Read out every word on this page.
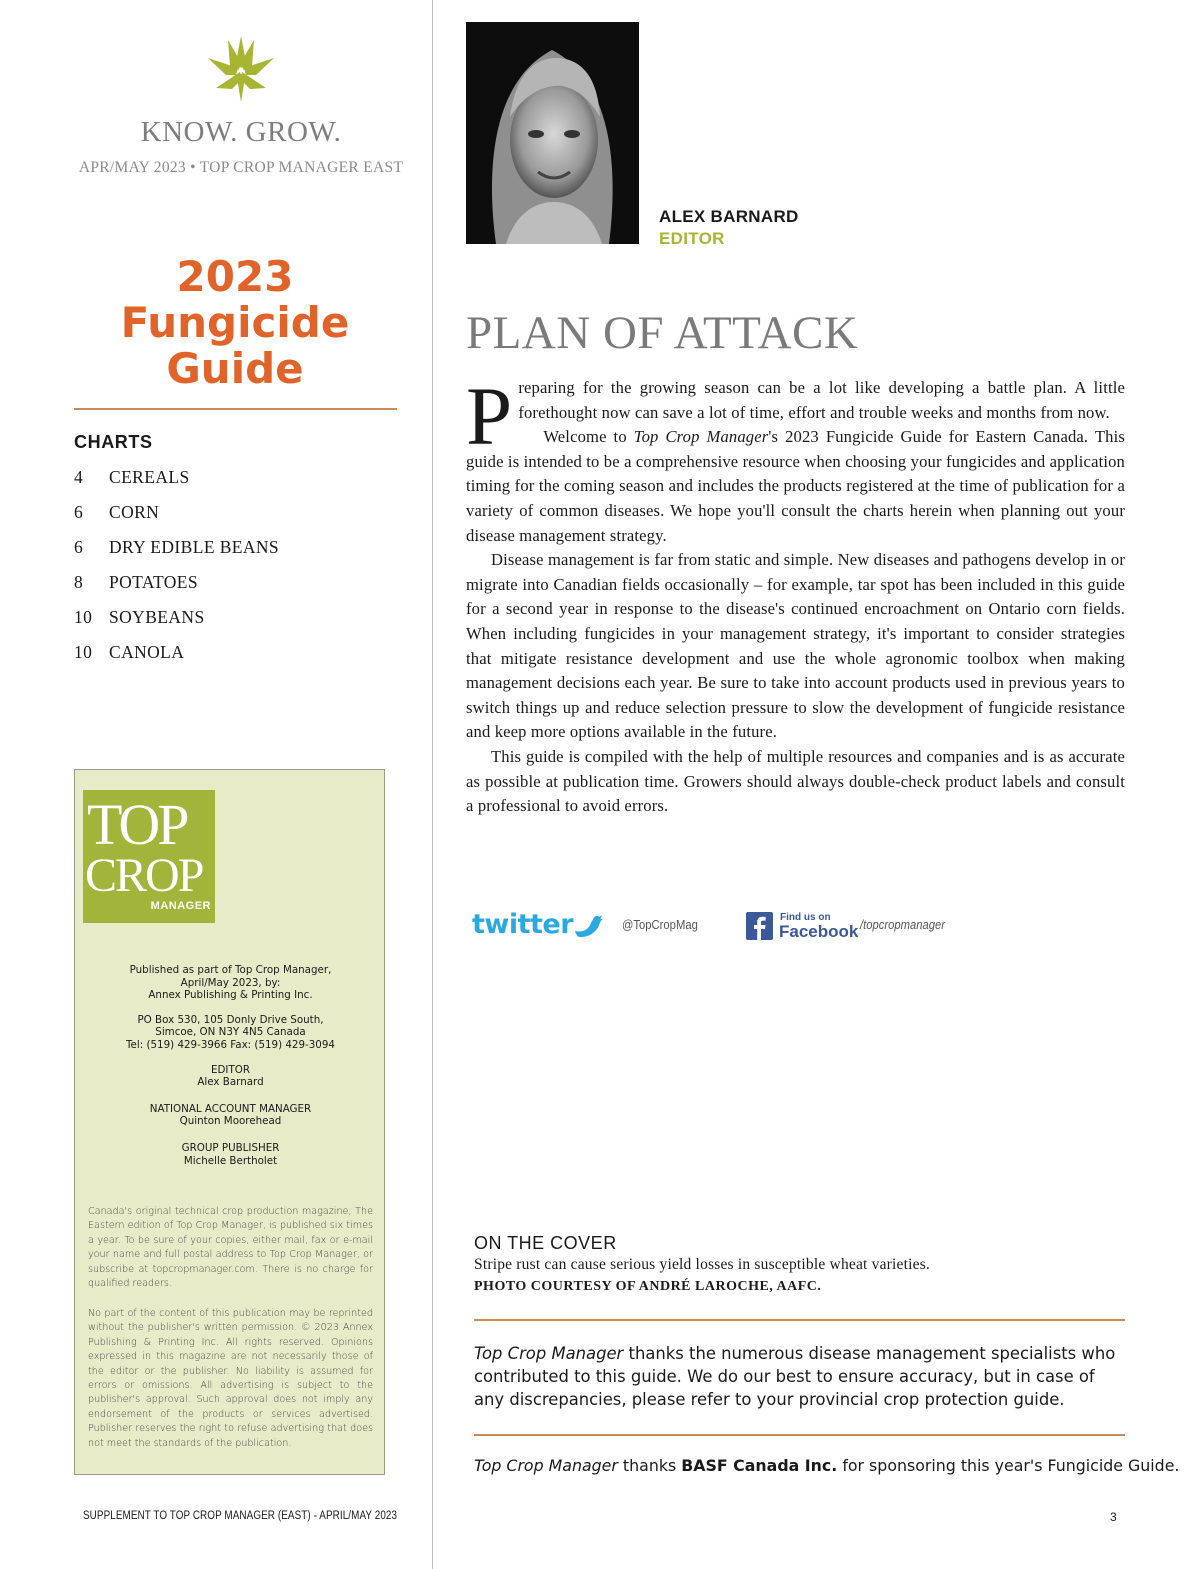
KNOW. GROW.
APR/MAY 2023 • TOP CROP MANAGER EAST
2023
Fungicide
Guide
CHARTS
4	CEREALS
6	CORN
6	DRY EDIBLE BEANS
8	POTATOES
10 SOYBEANS
10 CANOLA
TOP
CROP
MANAGER

Published as part of Top Crop Manager,
April/May 2023, by:
Annex Publishing & Printing Inc.

PO Box 530, 105 Donly Drive South,
Simcoe, ON N3Y 4N5 Canada
Tel: (519) 429-3966 Fax: (519) 429-3094

EDITOR
Alex Barnard

NATIONAL ACCOUNT MANAGER
Quinton Moorehead

GROUP PUBLISHER
Michelle Bertholet

Canada's original technical crop production magazine, The Eastern edition of Top Crop Manager, is published six times a year. To be sure of your copies, either mail, fax or e-mail your name and full postal address to Top Crop Manager, or subscribe at topcropmanager.com. There is no charge for qualified readers.
No part of the content of this publication may be reprinted without the publisher's written permission. © 2023 Annex Publishing & Printing Inc. All rights reserved. Opinions expressed in this magazine are not necessarily those of the editor or the publisher. No liability is assumed for errors or omissions. All advertising is subject to the publisher's approval. Such approval does not imply any endorsement of the products or services advertised. Publisher reserves the right to refuse advertising that does not meet the standards of the publication.
SUPPLEMENT TO TOP CROP MANAGER (EAST) - APRIL/MAY 2023	3
ALEX BARNARD
EDITOR
PLAN OF ATTACK

Preparing for the growing season can be a lot like developing a battle plan. A little forethought now can save a lot of time, effort and trouble weeks and months from now.

Welcome to Top Crop Manager's 2023 Fungicide Guide for Eastern Canada. This guide is intended to be a comprehensive resource when choosing your fungicides and application timing for the coming season and includes the products registered at the time of publication for a variety of common diseases. We hope you'll consult the charts herein when planning out your disease management strategy.

Disease management is far from static and simple. New diseases and pathogens develop in or migrate into Canadian fields occasionally – for example, tar spot has been included in this guide for a second year in response to the disease's continued encroachment on Ontario corn fields. When including fungicides in your management strategy, it's important to consider strategies that mitigate resistance development and use the whole agronomic toolbox when making management decisions each year. Be sure to take into account products used in previous years to switch things up and reduce selection pressure to slow the development of fungicide resistance and keep more options available in the future.

This guide is compiled with the help of multiple resources and companies and is as accurate as possible at publication time. Growers should always double-check product labels and consult a professional to avoid errors.

twitter	@TopCropMag
Find us on
Facebook /topcropmanager
ON THE COVER
Stripe rust can cause serious yield losses in susceptible wheat varieties.
PHOTO COURTESY OF ANDRÉ LAROCHE, AAFC.
Top Crop Manager thanks the numerous disease management specialists who contributed to this guide. We do our best to ensure accuracy, but in case of any discrepancies, please refer to your provincial crop protection guide.
Top Crop Manager thanks BASF Canada Inc. for sponsoring this year's Fungicide Guide.
